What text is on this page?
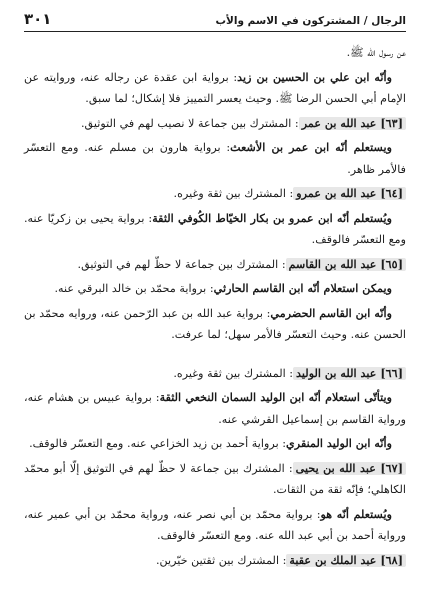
الرجال / المشتركون في الاسم والأب
٣٠١

عن رسول الله ﷺ.

وأنّه ابن علي بن الحسين بن زيد: برواية ابن عقدة عن رجاله عنه، وروايته عن الإمام أبي الحسن الرضا ﷺ. وحيث يعسر التمييز فلا إشكال؛ لما سبق.

[٦٣] عبد الله بن عمر: المشترك بين جماعة لا نصيب لهم في التوثيق.

ويستعلم أنّه ابن عمر بن الأشعث: برواية هارون بن مسلم عنه. ومع التعسّر فالأمر ظاهر.

[٦٤] عبد الله بن عمرو: المشترك بين ثقة وغيره.

ويُستعلم أنّه ابن عمرو بن بكار الخيّاط الكُوفي الثقة: برواية يحيى بن زكريّا عنه. ومع التعسّر فالوقف.

[٦٥] عبد الله بن القاسم: المشترك بين جماعة لا حظّ لهم في التوثيق.

ويمكن استعلام أنّه ابن القاسم الحارثي: برواية محمّد بن خالد البرقي عنه.

وأنّه ابن القاسم الحضرمي: برواية عبد الله بن عبد الرّحمن عنه، وروايه محمّد بن الحسن عنه. وحيث التعسّر فالأمر سهل؛ لما عرفت.

[٦٦] عبد الله بن الوليد: المشترك بين ثقة وغيره.

ويتأتّى استعلام أنّه ابن الوليد السمان النخعي الثقة: برواية عبيس بن هشام عنه، ورواية القاسم بن إسماعيل القرشي عنه.

وأنّه ابن الوليد المنقري: برواية أحمد بن زيد الخزاعي عنه. ومع التعسّر فالوقف.

[٦٧] عبد الله بن يحيى: المشترك بين جماعة لا حظّ لهم في التوثيق إلّا أبو محمّد الكاهلي؛ فإنّه ثقة من الثقات.

ويُستعلم أنّه هو: برواية محمّد بن أبي نصر عنه، ورواية محمّد بن أبي عمير عنه، ورواية أحمد بن أبي عبد الله عنه. ومع التعسّر فالوقف.

[٦٨] عبد الملك بن عقبة: المشترك بين ثقتين خيّرين.
